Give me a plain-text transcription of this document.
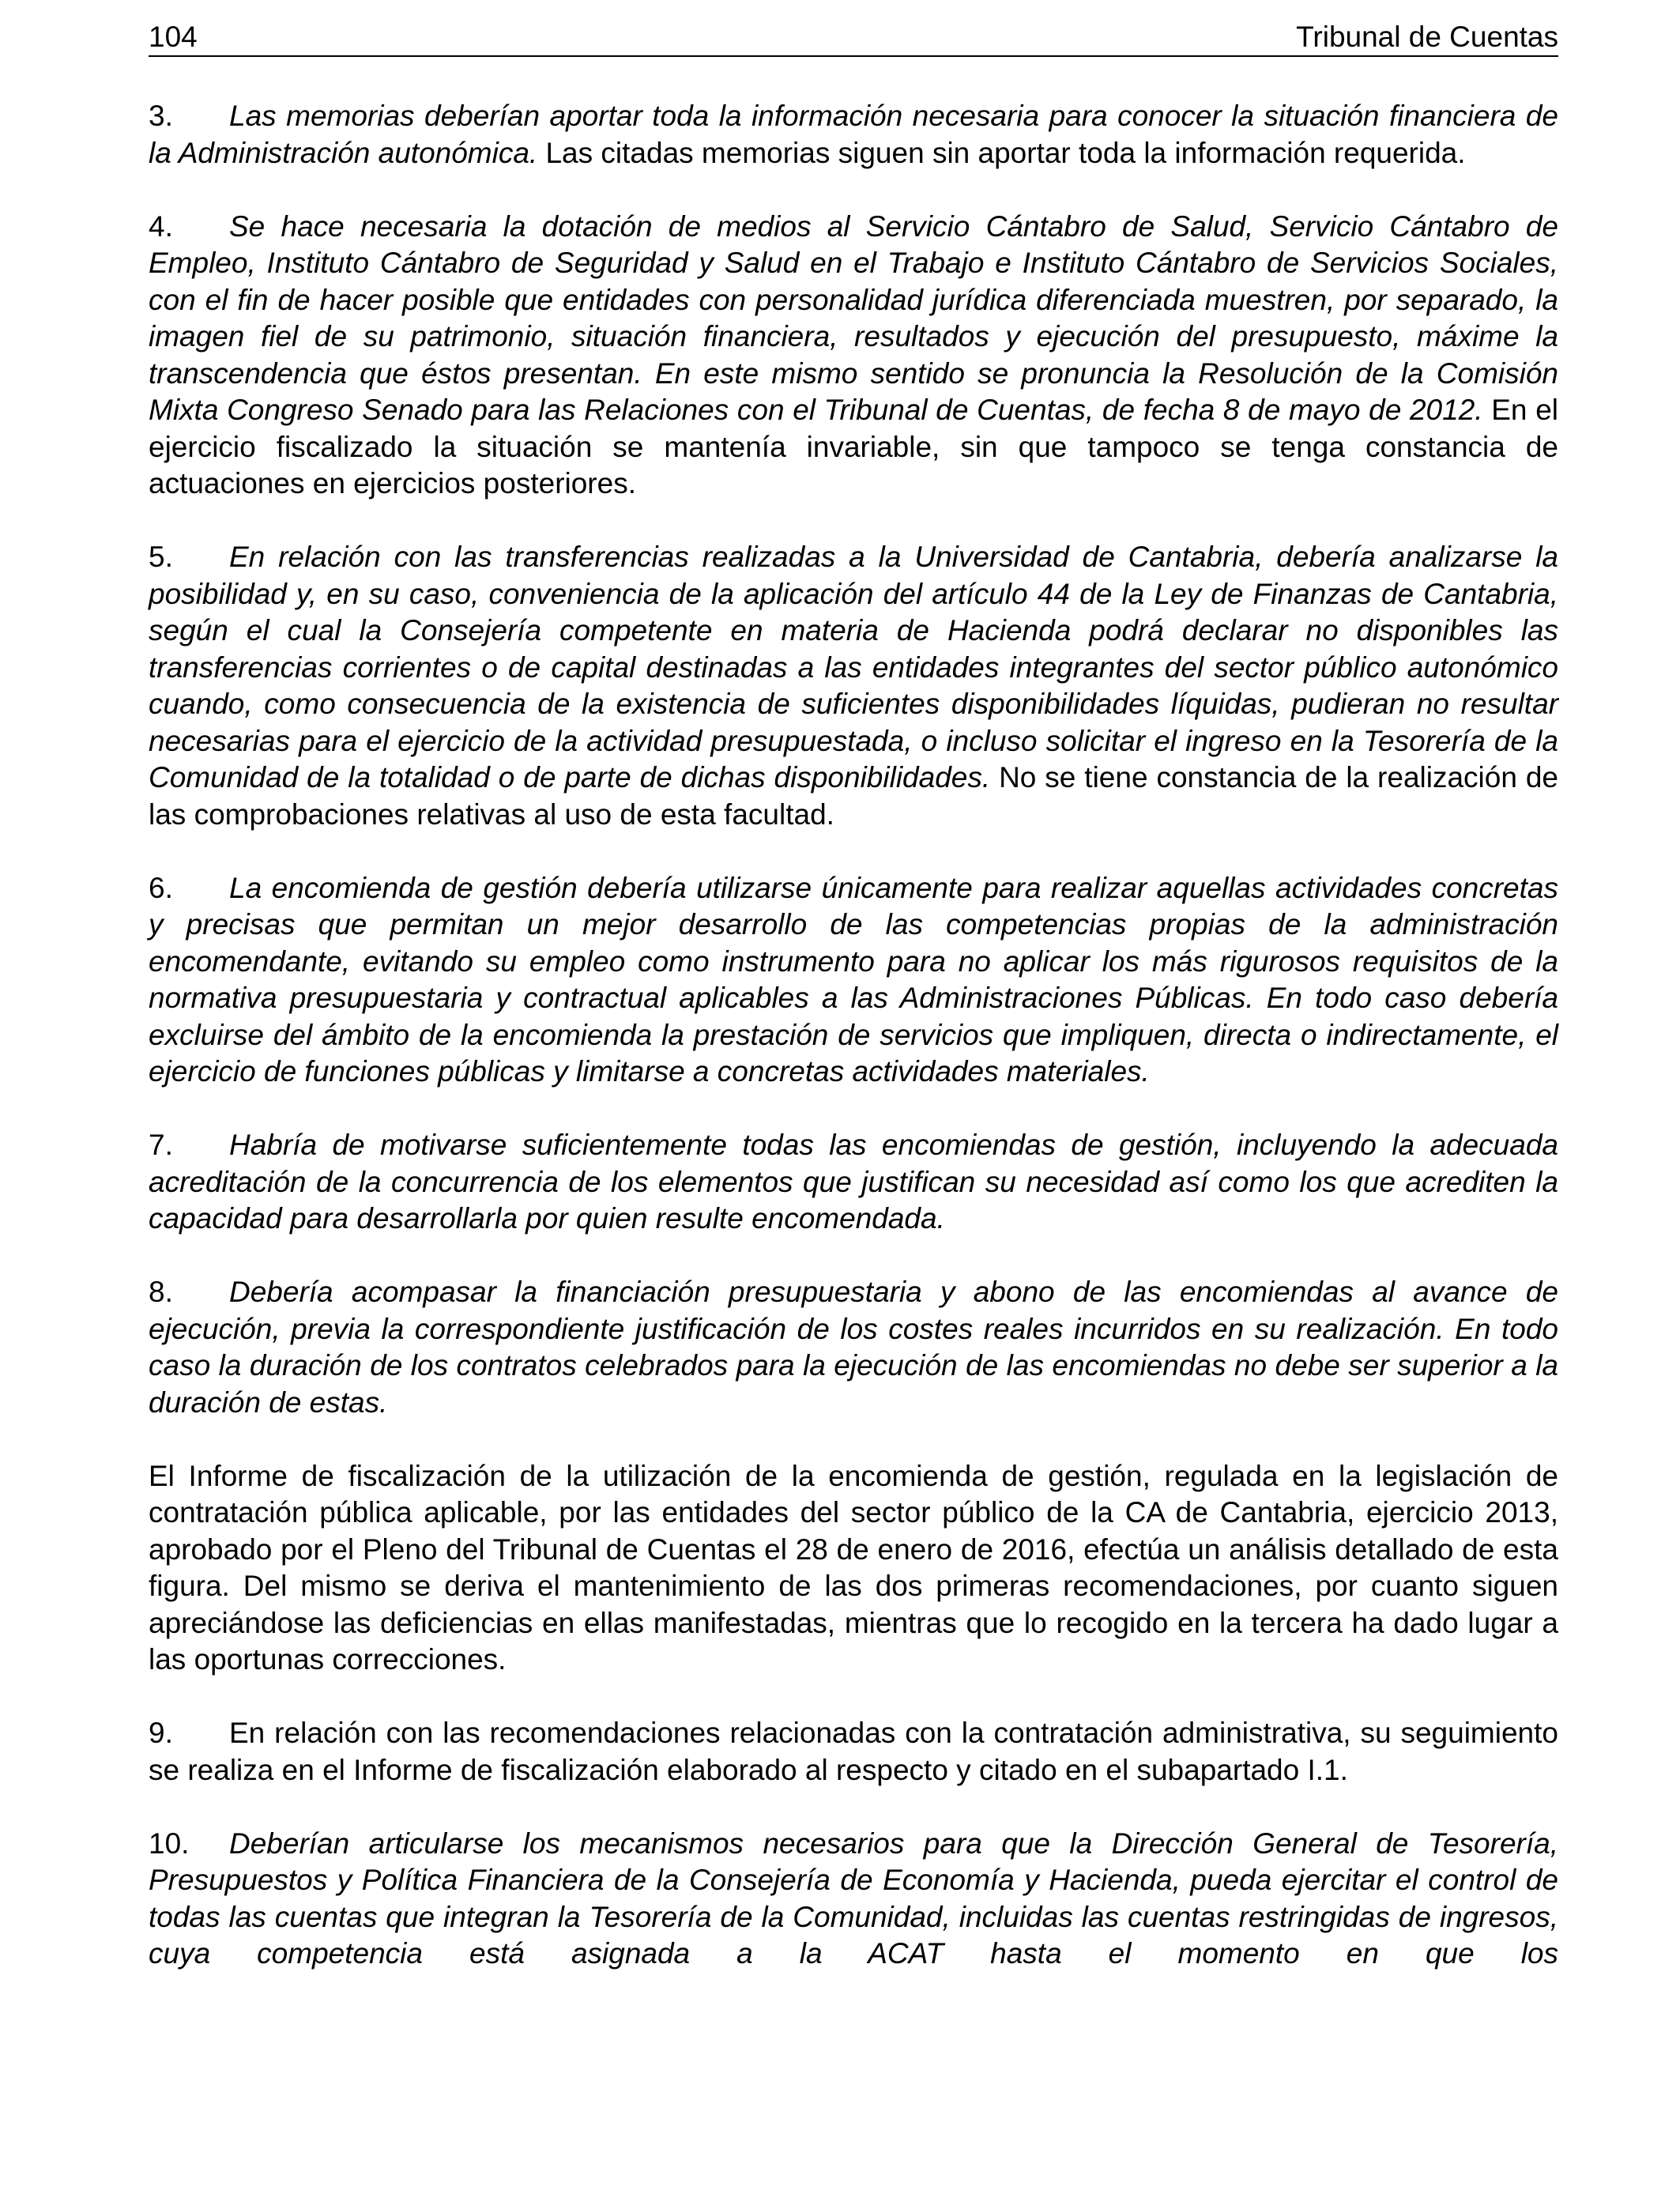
104	Tribunal de Cuentas

3. Las memorias deberían aportar toda la información necesaria para conocer la situación financiera de la Administración autonómica. Las citadas memorias siguen sin aportar toda la información requerida.

4. Se hace necesaria la dotación de medios al Servicio Cántabro de Salud, Servicio Cántabro de Empleo, Instituto Cántabro de Seguridad y Salud en el Trabajo e Instituto Cántabro de Servicios Sociales, con el fin de hacer posible que entidades con personalidad jurídica diferenciada muestren, por separado, la imagen fiel de su patrimonio, situación financiera, resultados y ejecución del presupuesto, máxime la transcendencia que éstos presentan. En este mismo sentido se pronuncia la Resolución de la Comisión Mixta Congreso Senado para las Relaciones con el Tribunal de Cuentas, de fecha 8 de mayo de 2012. En el ejercicio fiscalizado la situación se mantenía invariable, sin que tampoco se tenga constancia de actuaciones en ejercicios posteriores.

5. En relación con las transferencias realizadas a la Universidad de Cantabria, debería analizarse la posibilidad y, en su caso, conveniencia de la aplicación del artículo 44 de la Ley de Finanzas de Cantabria, según el cual la Consejería competente en materia de Hacienda podrá declarar no disponibles las transferencias corrientes o de capital destinadas a las entidades integrantes del sector público autonómico cuando, como consecuencia de la existencia de suficientes disponibilidades líquidas, pudieran no resultar necesarias para el ejercicio de la actividad presupuestada, o incluso solicitar el ingreso en la Tesorería de la Comunidad de la totalidad o de parte de dichas disponibilidades. No se tiene constancia de la realización de las comprobaciones relativas al uso de esta facultad.

6. La encomienda de gestión debería utilizarse únicamente para realizar aquellas actividades concretas y precisas que permitan un mejor desarrollo de las competencias propias de la administración encomendante, evitando su empleo como instrumento para no aplicar los más rigurosos requisitos de la normativa presupuestaria y contractual aplicables a las Administraciones Públicas. En todo caso debería excluirse del ámbito de la encomienda la prestación de servicios que impliquen, directa o indirectamente, el ejercicio de funciones públicas y limitarse a concretas actividades materiales.

7. Habría de motivarse suficientemente todas las encomiendas de gestión, incluyendo la adecuada acreditación de la concurrencia de los elementos que justifican su necesidad así como los que acrediten la capacidad para desarrollarla por quien resulte encomendada.

8. Debería acompasar la financiación presupuestaria y abono de las encomiendas al avance de ejecución, previa la correspondiente justificación de los costes reales incurridos en su realización. En todo caso la duración de los contratos celebrados para la ejecución de las encomiendas no debe ser superior a la duración de estas.

El Informe de fiscalización de la utilización de la encomienda de gestión, regulada en la legislación de contratación pública aplicable, por las entidades del sector público de la CA de Cantabria, ejercicio 2013, aprobado por el Pleno del Tribunal de Cuentas el 28 de enero de 2016, efectúa un análisis detallado de esta figura. Del mismo se deriva el mantenimiento de las dos primeras recomendaciones, por cuanto siguen apreciándose las deficiencias en ellas manifestadas, mientras que lo recogido en la tercera ha dado lugar a las oportunas correcciones.

9. En relación con las recomendaciones relacionadas con la contratación administrativa, su seguimiento se realiza en el Informe de fiscalización elaborado al respecto y citado en el subapartado I.1.

10. Deberían articularse los mecanismos necesarios para que la Dirección General de Tesorería, Presupuestos y Política Financiera de la Consejería de Economía y Hacienda, pueda ejercitar el control de todas las cuentas que integran la Tesorería de la Comunidad, incluidas las cuentas restringidas de ingresos, cuya competencia está asignada a la ACAT hasta el momento en que los
